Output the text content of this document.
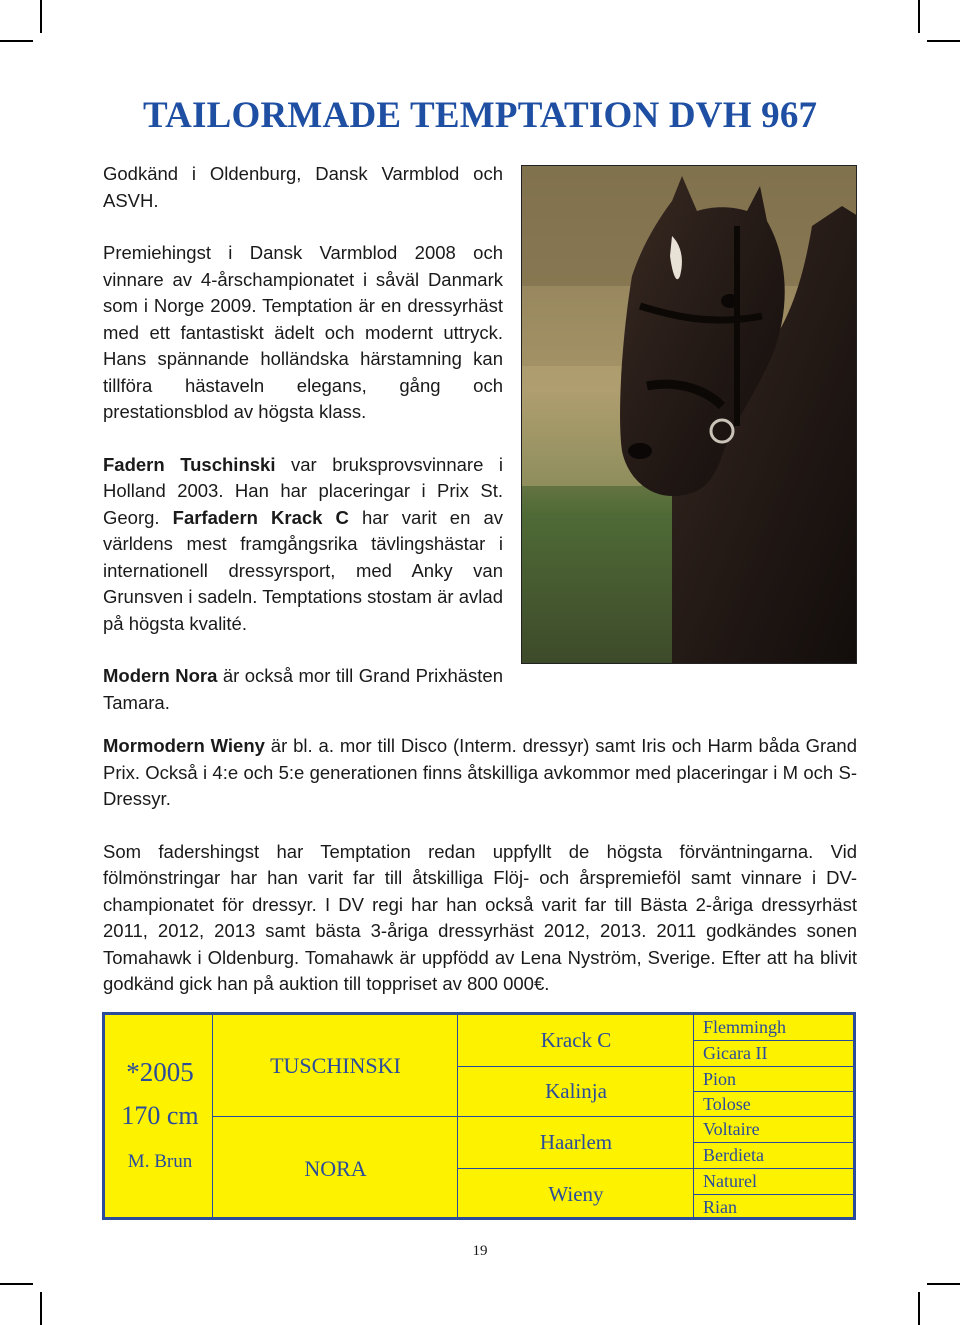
TAILORMADE TEMPTATION DVH 967

Godkänd i Oldenburg, Dansk Varmblod och ASVH.

Premiehingst i Dansk Varmblod 2008 och vinnare av 4-årschampionatet i såväl Danmark som i Norge 2009. Temptation är en dressyrhäst med ett fantastiskt ädelt och modernt uttryck. Hans spännande holländska härstamning kan tillföra hästaveln elegans, gång och prestationsblod av högsta klass.

Fadern Tuschinski var bruksprovsvinnare i Holland 2003. Han har placeringar i Prix St. Georg. Farfadern Krack C har varit en av världens mest framgångsrika tävlingshästar i internationell dressyrsport, med Anky van Grunsven i sadeln. Temptations stostam är avlad på högsta kvalité.

Modern Nora är också mor till Grand Prixhästen Tamara.

Mormodern Wieny är bl. a. mor till Disco (Interm. dressyr) samt Iris och Harm båda Grand Prix. Också i 4:e och 5:e generationen finns åtskilliga avkommor med placeringar i M och S-Dressyr.

Som fadershingst har Temptation redan uppfyllt de högsta förväntningarna. Vid fölmönstringar har han varit far till åtskilliga Flöj- och årspremieföl samt vinnare i DV-championatet för dressyr. I DV regi har han också varit far till Bästa 2-åriga dressyrhäst 2011, 2012, 2013 samt bästa 3-åriga dressyrhäst 2012, 2013. 2011 godkändes sonen Tomahawk i Oldenburg. Tomahawk är uppfödd av Lena Nyström, Sverige. Efter att ha blivit godkänd gick han på auktion till toppriset av 800 000€.

*2005
170 cm
M. Brun
TUSCHINSKI
NORA
Krack C
Kalinja
Haarlem
Wieny
Flemmingh
Gicara II
Pion
Tolose
Voltaire
Berdieta
Naturel
Rian
19
